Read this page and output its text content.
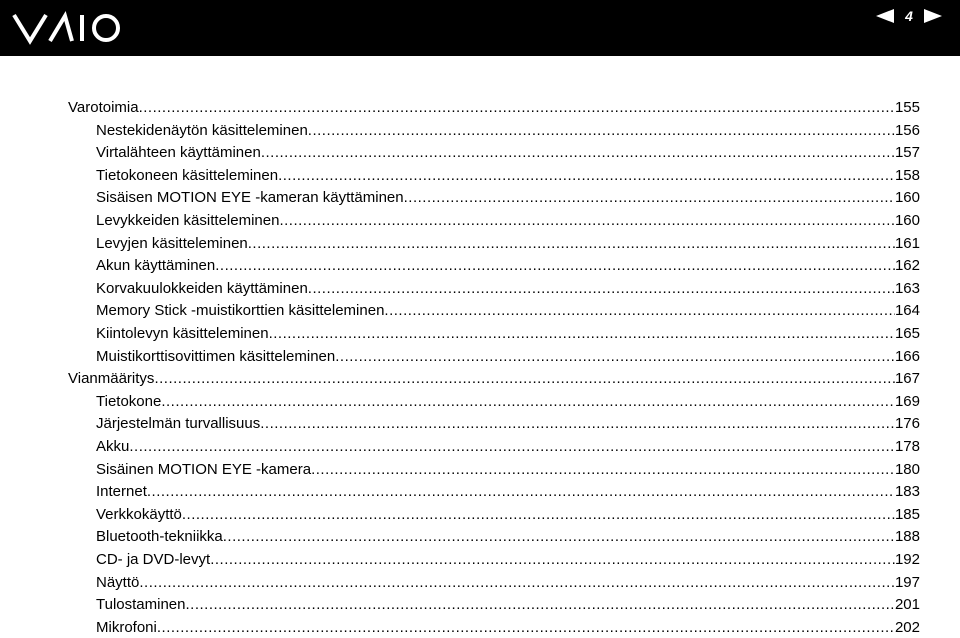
4
Varotoimia .....	155
Nestekidenäytön käsitteleminen .....	156
Virtalähteen käyttäminen .....	157
Tietokoneen käsitteleminen .....	158
Sisäisen MOTION EYE -kameran käyttäminen .....	160
Levykkeiden käsitteleminen .....	160
Levyjen käsitteleminen .....	161
Akun käyttäminen .....	162
Korvakuulokkeiden käyttäminen .....	163
Memory Stick -muistikorttien käsitteleminen .....	164
Kiintolevyn käsitteleminen .....	165
Muistikorttisovittimen käsitteleminen .....	166
Vianmääritys .....	167
Tietokone .....	169
Järjestelmän turvallisuus .....	176
Akku .....	178
Sisäinen MOTION EYE -kamera .....	180
Internet .....	183
Verkkokäyttö .....	185
Bluetooth-tekniikka .....	188
CD- ja DVD-levyt .....	192
Näyttö .....	197
Tulostaminen .....	201
Mikrofoni .....	202
